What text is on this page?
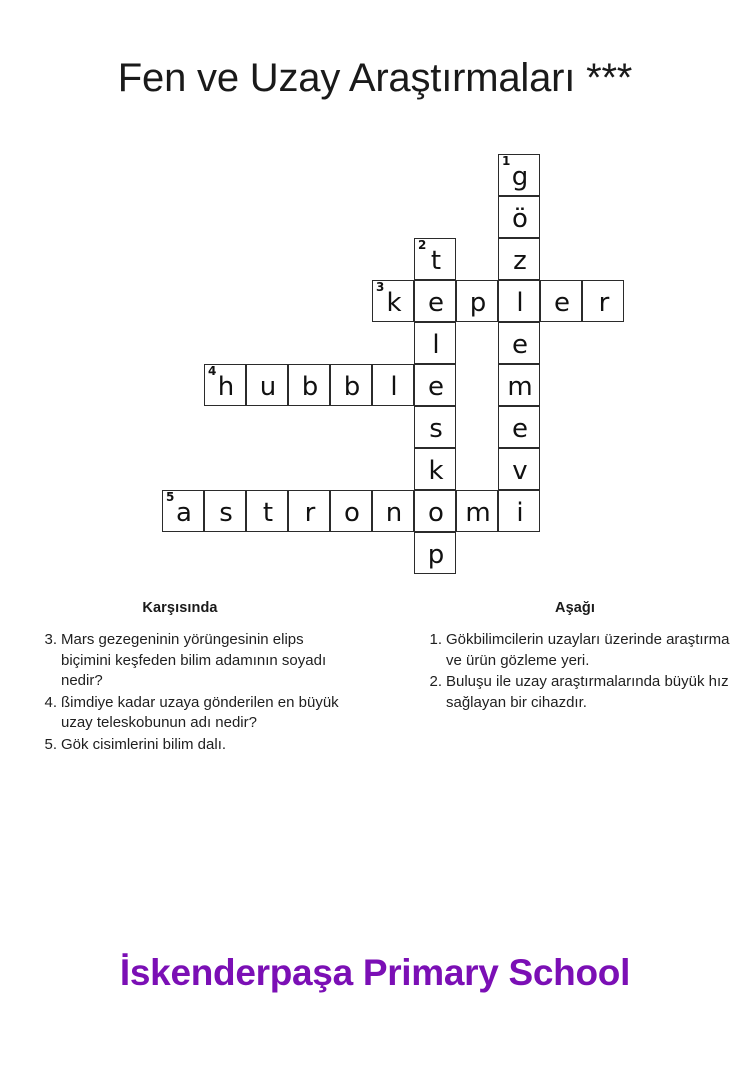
Fen ve Uzay Araştırmaları ***
g
1
ö
z
l
e
m
e
v
i
t
2
e
l
e
s
k
o
p
k
3
p	e	r
h
4
u b b	l
a
5
s	t	r	o n	m
Karşısında
3. Mars gezegeninin yörüngesinin elips biçimini keşfeden bilim adamının soyadı nedir?
4. ßimdiye kadar uzaya gönderilen en büyük uzay teleskobunun adı nedir?
5. Gök cisimlerini bilim dalı.
Aşağı
1. Gökbilimcilerin uzayları üzerinde araştırma ve ürün gözleme yeri.
2. Buluşu ile uzay araştırmalarında büyük hız sağlayan bir cihazdır.
İskenderpaşa Primary School
